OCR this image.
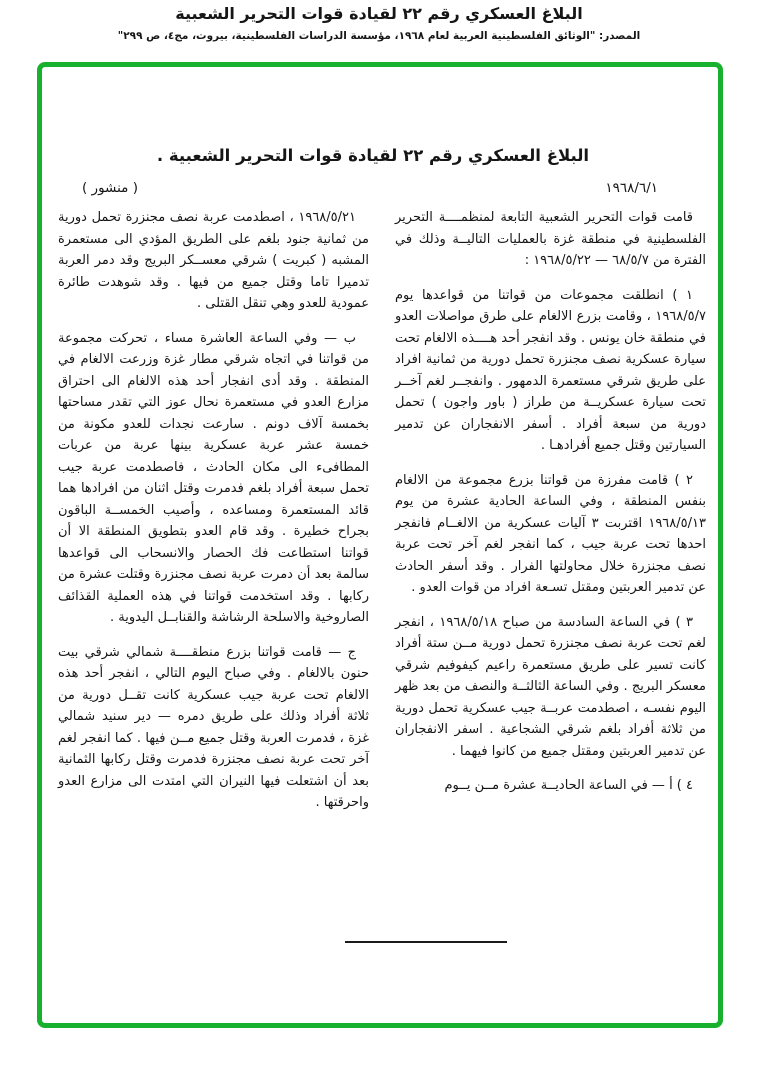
البلاغ العسكري رقم ٢٢ لقيادة قوات التحرير الشعبية
المصدر: "الوثائق الفلسطينية العربية لعام ١٩٦٨، مؤسسة الدراسات الفلسطينية، بيروت، مج٤، ص ٢٩٩"
البلاغ العسكري رقم ٢٢ لقيادة قوات التحرير الشعبية .
١٩٦٨/٦/١
( منشور )

قامت قوات التحرير الشعبية التابعة لمنظمــــة التحرير الفلسطينية في منطقة غزة بالعمليات التاليــة وذلك في الفترة من ٦٨/٥/٧ — ١٩٦٨/٥/٢٢ :

١ ) انطلقت مجموعات من قواتنا من قواعدها يوم ١٩٦٨/٥/٧ ، وقامت بزرع الالغام على طرق مواصلات العدو في منطقة خان يونس . وقد انفجر أحد هــــذه الالغام تحت سيارة عسكرية نصف مجنزرة تحمل دورية من ثمانية افراد على طريق شرقي مستعمرة الدمهور . وانفجــر لغم آخــر تحت سيارة عسكريــة من طراز ( باور واجون ) تحمل دورية من سبعة أفراد . أسفر الانفجاران عن تدمير السيارتين وقتل جميع أفرادهـا .

٢ ) قامت مفرزة من قواتنا بزرع مجموعة من الالغام بنفس المنطقة ، وفي الساعة الحادية عشرة من يوم ١٩٦٨/٥/١٣ اقتربت ٣ آليات عسكرية من الالغــام فانفجر احدها تحت عربة جيب ، كما انفجر لغم آخر تحت عربة نصف مجنزرة خلال محاولتها الفرار . وقد أسفر الحادث عن تدمير العربتين ومقتل تسـعة افراد من قوات العدو .

٣ ) في الساعة السادسة من صباح ١٩٦٨/٥/١٨ ، انفجر لغم تحت عربة نصف مجنزرة تحمل دورية مــن ستة أفراد كانت تسير على طريق مستعمرة راعيم كيفوفيم شرقي معسكر البريج . وفي الساعة الثالثــة والنصف من بعد ظهر اليوم نفسـه ، اصطدمت عربــة جيب عسكرية تحمل دورية من ثلاثة أفراد بلغم شرقي الشجاعية . اسفر الانفجاران عن تدمير العربتين ومقتل جميع من كانوا فيهما .

٤ ) أ — في الساعة الحاديــة عشرة مــن يــوم

١٩٦٨/٥/٢١ ، اصطدمت عربة نصف مجنزرة تحمل دورية من ثمانية جنود بلغم على الطريق المؤدي الى مستعمرة المشبه ( كبريت ) شرقي معســكر البريج وقد دمر العربة تدميرا تاما وقتل جميع من فيها . وقد شوهدت طائرة عمودية للعدو وهي تنقل القتلى .

ب — وفي الساعة العاشرة مساء ، تحركت مجموعة من قواتنا في اتجاه شرقي مطار غزة وزرعت الالغام في المنطقة . وقد أدى انفجار أحد هذه الالغام الى احتراق مزارع العدو في مستعمرة نحال عوز التي تقدر مساحتها بخمسة آلاف دونم . سارعت نجدات للعدو مكونة من خمسة عشر عربة عسكرية بينها عربة من عربات المطافىء الى مكان الحادث ، فاصطدمت عربة جيب تحمل سبعة أفراد بلغم فدمرت وقتل اثنان من افرادها هما قائد المستعمرة ومساعده ، وأصيب الخمســة الباقون بجراح خطيرة . وقد قام العدو بتطويق المنطقة الا أن قواتنا استطاعت فك الحصار والانسحاب الى قواعدها سالمة بعد أن دمرت عربة نصف مجنزرة وقتلت عشرة من ركابها . وقد استخدمت قواتنا في هذه العملية القذائف الصاروخية والاسلحة الرشاشة والقنابــل اليدوية .

ج — قامت قواتنا بزرع منطقــــة شمالي شرقي بيت حنون بالالغام . وفي صباح اليوم التالي ، انفجر أحد هذه الالغام تحت عربة جيب عسكرية كانت تقــل دورية من ثلاثة أفراد وذلك على طريق دمره — دير سنيد شمالي غزة ، فدمرت العربة وقتل جميع مــن فيها . كما انفجر لغم آخر تحت عربة نصف مجنزرة فدمرت وقتل ركابها الثمانية بعد أن اشتعلت فيها النيران التي امتدت الى مزارع العدو واحرقتها .
